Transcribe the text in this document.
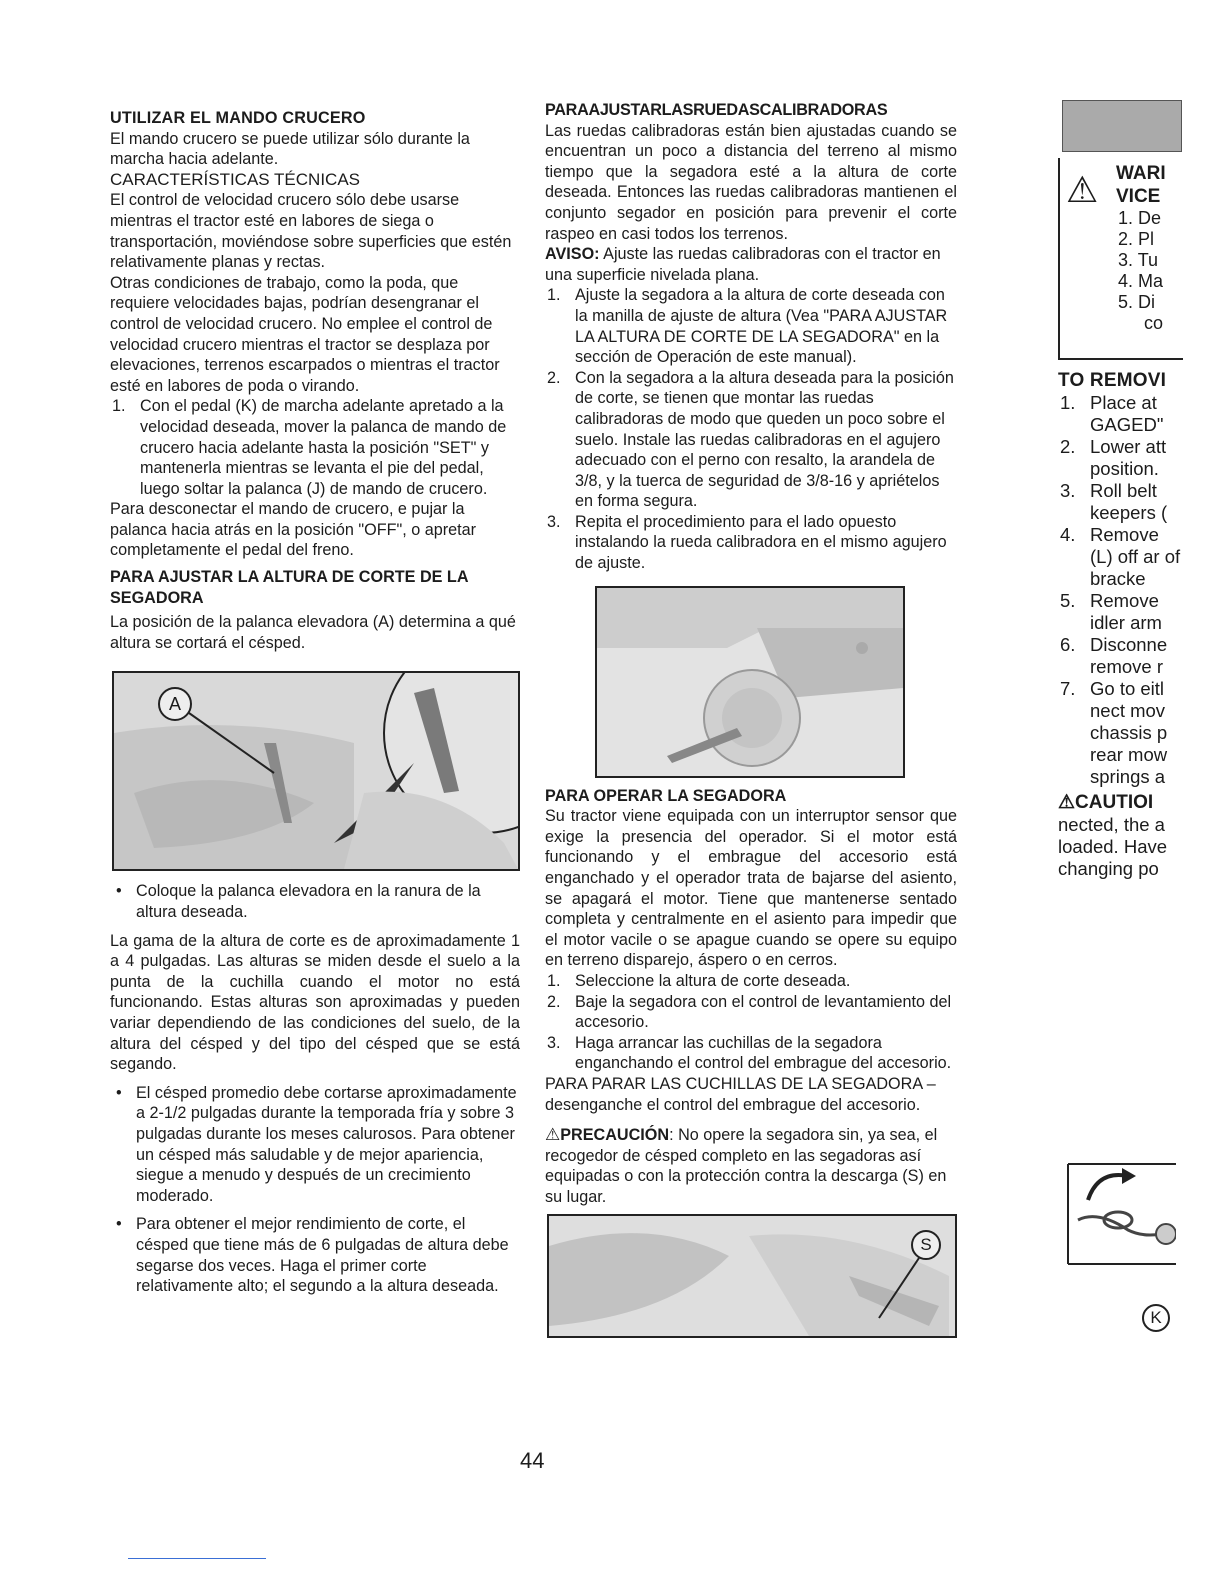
UTILIZAR EL MANDO CRUCERO

El mando crucero se puede utilizar sólo durante la marcha hacia adelante.

CARACTERÍSTICAS TÉCNICAS

El control de velocidad crucero sólo debe usarse mientras el tractor esté en labores de siega o transportación, moviéndose sobre superficies que estén relativamente planas y rectas.

Otras condiciones de trabajo, como la poda, que requiere velocidades bajas, podrían desengranar el control de velocidad crucero. No emplee el control de velocidad crucero mientras el tractor se desplaza por elevaciones, terrenos escarpados o mientras el tractor esté en labores de poda o virando.

1. Con el pedal (K) de marcha adelante apretado a la velocidad deseada, mover la palanca de mando de crucero hacia adelante hasta la posición "SET" y mantenerla mientras se levanta el pie del pedal, luego soltar la palanca (J) de mando de crucero.

Para desconectar el mando de crucero, e pujar la palanca hacia atrás en la posición "OFF", o apretar completamente el pedal del freno.

PARA AJUSTAR LA ALTURA DE CORTE DE LA SEGADORA

La posición de la palanca elevadora (A) determina a qué altura se cortará el césped.

A
• Coloque la palanca elevadora en la ranura de la altura deseada.

La gama de la altura de corte es de aproximadamente 1 a 4 pulgadas. Las alturas se miden desde el suelo a la punta de la cuchilla cuando el motor no está funcionando. Estas alturas son aproximadas y pueden variar dependiendo de las condiciones del suelo, de la altura del césped y del tipo del césped que se está segando.

• El césped promedio debe cortarse aproximadamente a 2-1/2 pulgadas durante la temporada fría y sobre 3 pulgadas durante los meses calurosos. Para obtener un césped más saludable y de mejor apariencia, siegue a menudo y después de un crecimiento moderado.
• Para obtener el mejor rendimiento de corte, el césped que tiene más de 6 pulgadas de altura debe segarse dos veces. Haga el primer corte relativamente alto; el segundo a la altura deseada.
PARAAJUSTARLASRUEDASCALIBRADORAS

Las ruedas calibradoras están bien ajustadas cuando se encuentran un poco a distancia del terreno al mismo tiempo que la segadora esté a la altura de corte deseada. Entonces las ruedas calibradoras mantienen el conjunto segador en posición para prevenir el corte raspeo en casi todos los terrenos.

AVISO: Ajuste las ruedas calibradoras con el tractor en una superficie nivelada plana.

1. Ajuste la segadora a la altura de corte deseada con la manilla de ajuste de altura (Vea "PARA AJUSTAR LA ALTURA DE CORTE DE LA SEGADORA" en la sección de Operación de este manual).
2. Con la segadora a la altura deseada para la posición de corte, se tienen que montar las ruedas calibradoras de modo que queden un poco sobre el suelo. Instale las ruedas calibradoras en el agujero adecuado con el perno con resalto, la arandela de 3/8, y la tuerca de seguridad de 3/8-16 y apriételos en forma segura.
3. Repita el procedimiento para el lado opuesto instalando la rueda calibradora en el mismo agujero de ajuste.
PARA OPERAR LA SEGADORA

Su tractor viene equipada con un interruptor sensor que exige la presencia del operador. Si el motor está funcionando y el embrague del accesorio está enganchado y el operador trata de bajarse del asiento, se apagará el motor. Tiene que mantenerse sentado completa y centralmente en el asiento para impedir que el motor vacile o se apague cuando se opere su equipo en terreno disparejo, áspero o en cerros.

1. Seleccione la altura de corte deseada.
2. Baje la segadora con el control de levantamiento del accesorio.
3. Haga arrancar las cuchillas de la segadora enganchando el control del embrague del accesorio.

PARA PARAR LAS CUCHILLAS DE LA SEGADORA – desenganche el control del embrague del accesorio.

⚠PRECAUCIÓN: No opere la segadora sin, ya sea, el recogedor de césped completo en las segadoras así equipadas o con la protección contra la descarga (S) en su lugar.

S
44
⚠ WARI
VICE
1. De
2. Pl
3. Tu
4. Ma
5. Di
co
TO REMOVI
1. Place at GAGED"
2. Lower att position.
3. Roll belt keepers (
4. Remove (L) off ar of bracke
5. Remove idler arm
6. Disconne remove r
7. Go to eitl nect mov chassis p rear mow springs a
⚠CAUTIOI

nected, the a loaded. Have changing po

K
